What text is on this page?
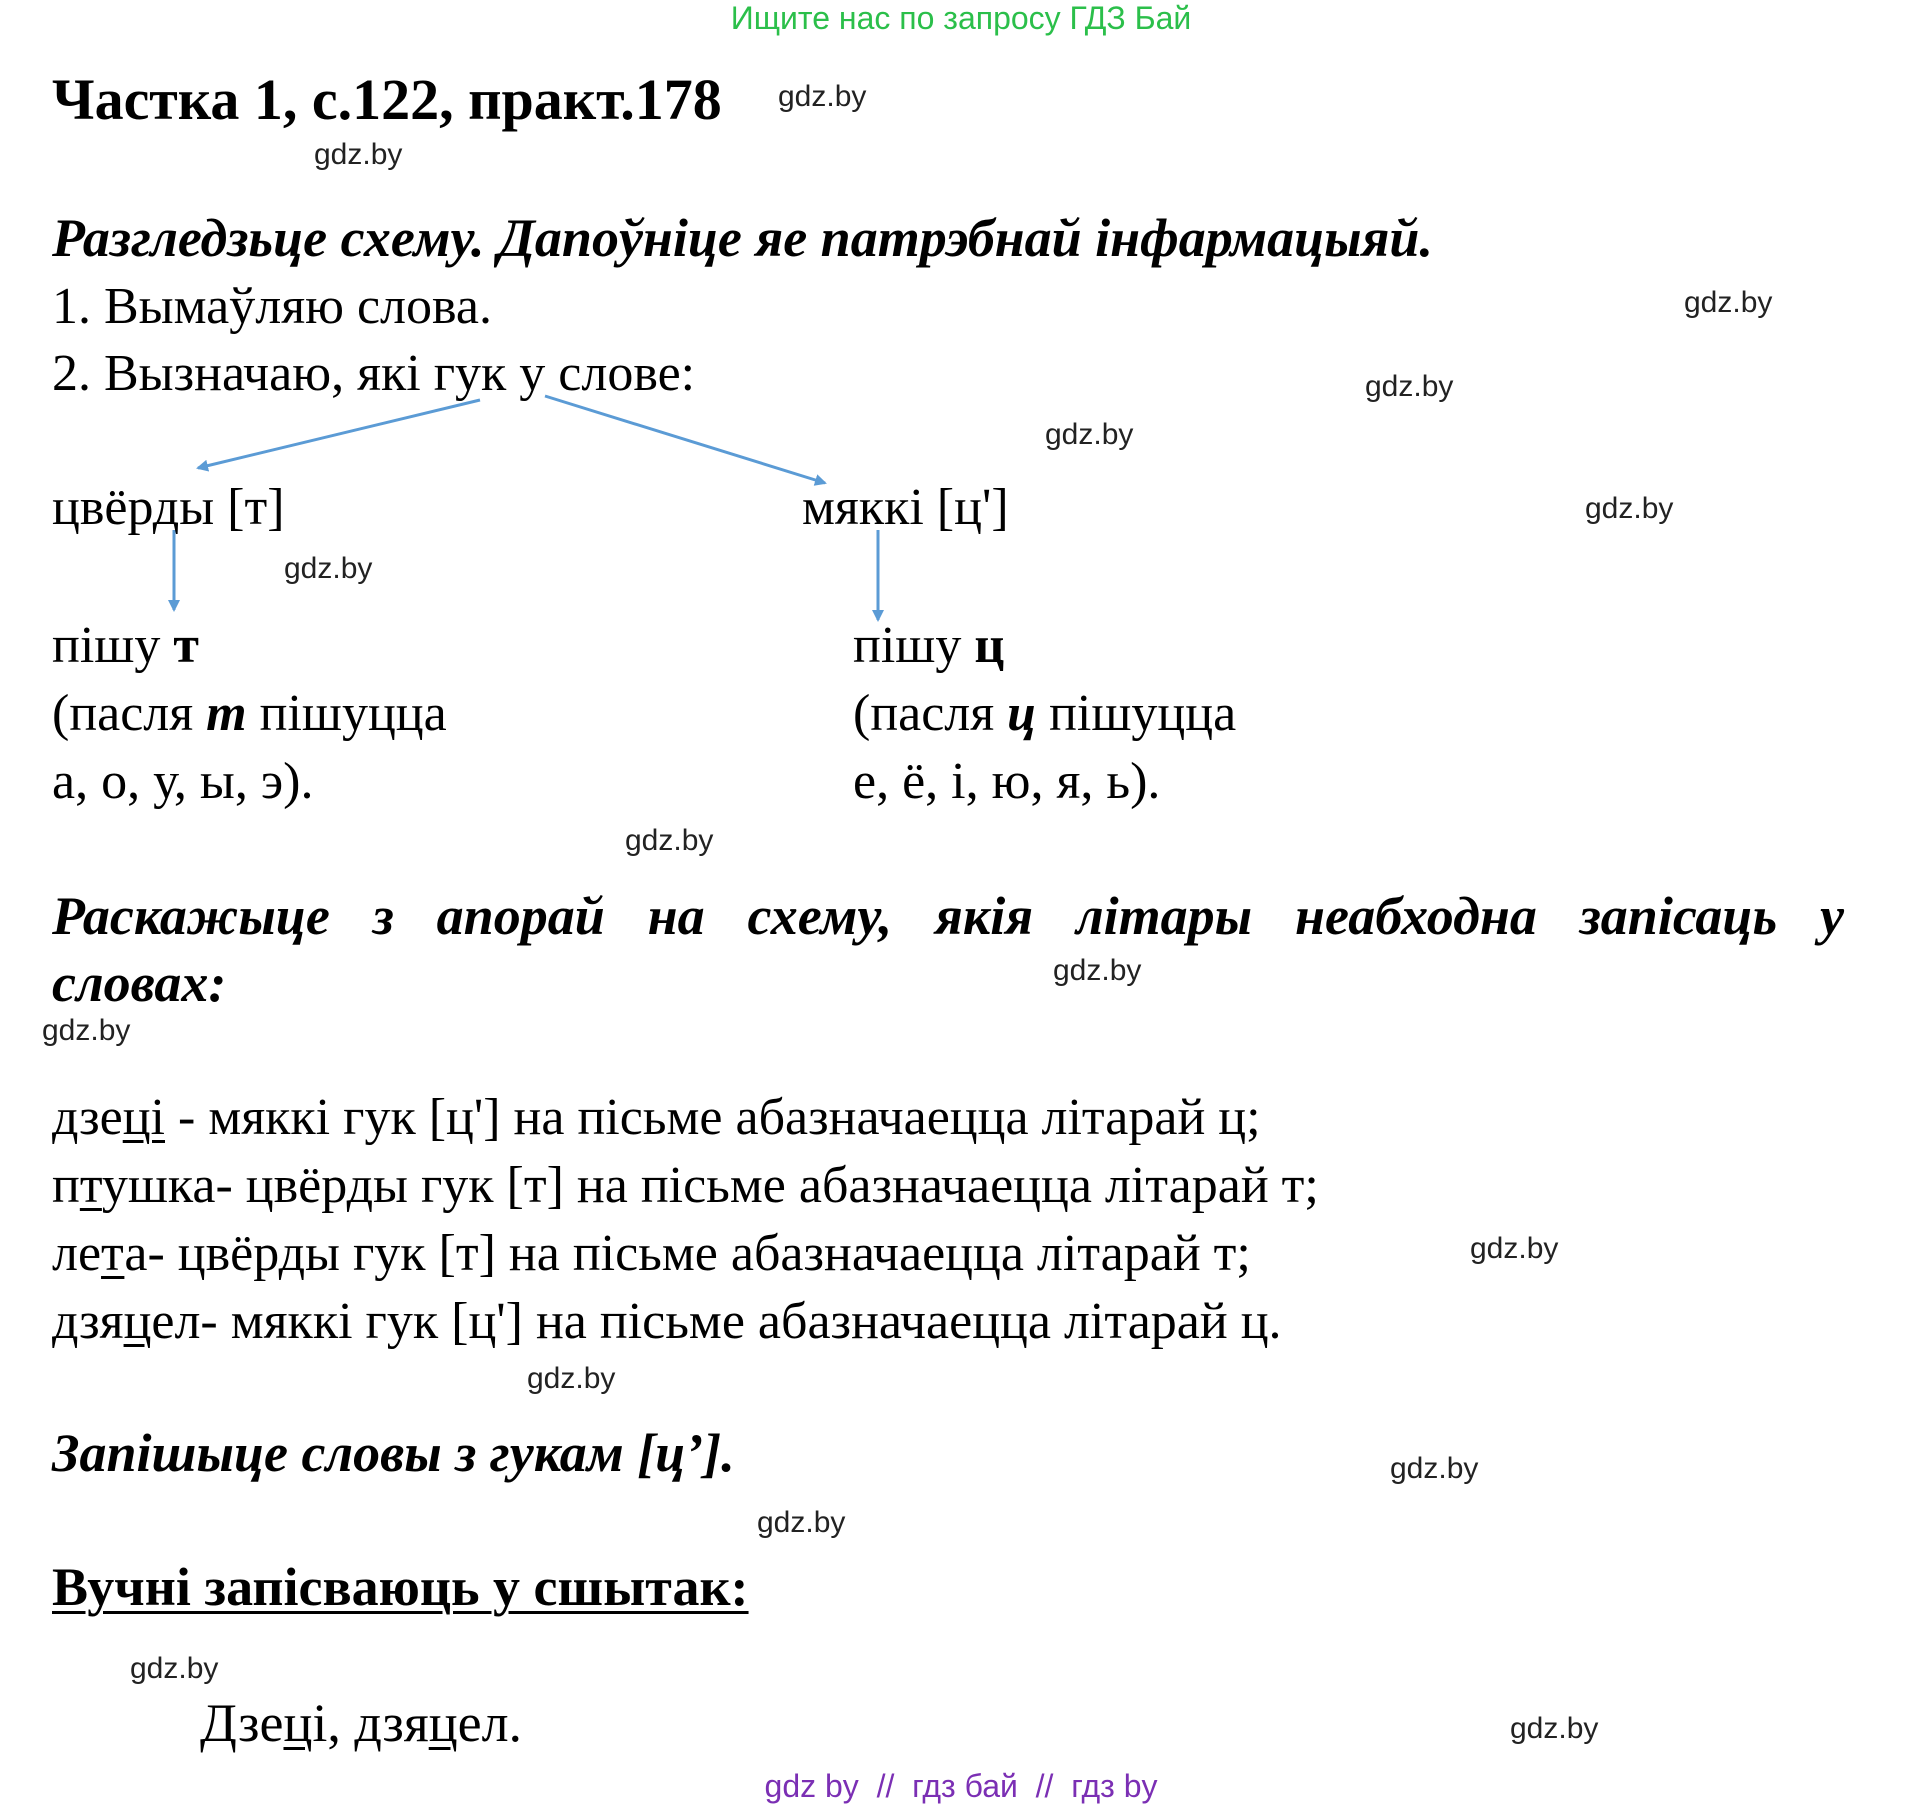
Ищите нас по запросу ГДЗ Бай
Частка 1, с.122, практ.178 gdz.by
gdz.by
gdz.by
gdz.by
gdz.by
gdz.by
gdz.by
gdz.by
gdz.by
gdz.by
gdz.by
gdz.by
gdz.by
gdz.by
gdz.by
gdz.by
Разгледзьце схему. Дапоўніце яе патрэбнай інфармацыяй.
1. Вымаўляю слова.
2. Вызначаю, які гук у слове:
цвёрды [т]	мяккі [ц']
пішу т
(пасля т пішуцца
а, о, у, ы, э).
пішу ц
(пасля ц пішуцца
е, ё, і, ю, я, ь).
Раскажыце з апорай на схему, якія літары неабходна запісаць у
словах:
дзеці - мяккі гук [ц'] на пісьме абазначаецца літарай ц;
птушка- цвёрды гук [т] на пісьме абазначаецца літарай т;
лета- цвёрды гук [т] на пісьме абазначаецца літарай т;
дзяцел- мяккі гук [ц'] на пісьме абазначаецца літарай ц.
Запішыце словы з гукам [ц’].
Вучні запісваюць у сшытак:
Дзеці, дзяцел.
gdz by  //  гдз бай  //  гдз by
